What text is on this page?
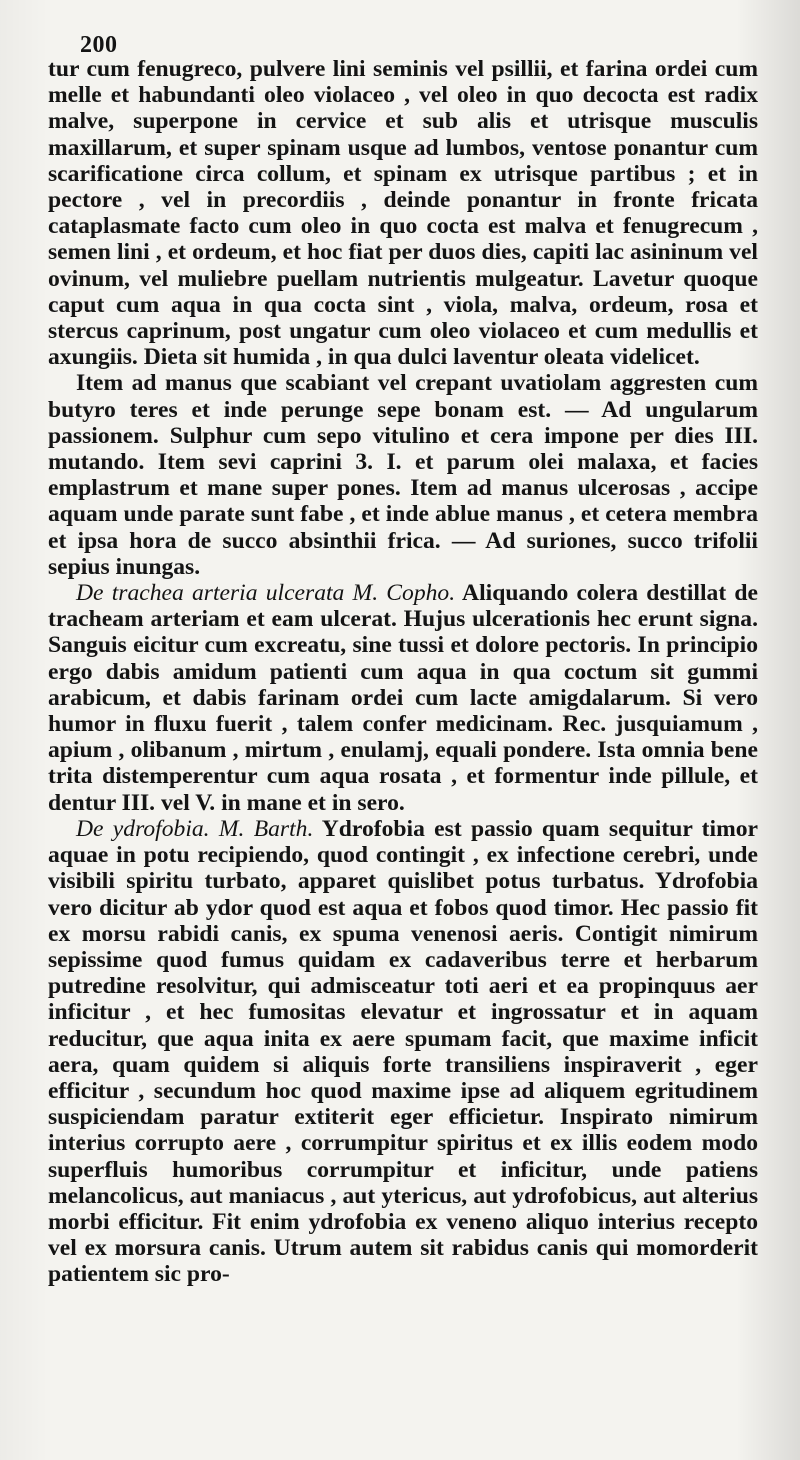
200

tur cum fenugreco, pulvere lini seminis vel psillii, et farina ordei cum melle et habundanti oleo violaceo , vel oleo in quo decocta est radix malve, superpone in cervice et sub alis et utrisque musculis maxillarum, et super spinam usque ad lumbos, ventose ponantur cum scarificatione circa collum, et spinam ex utrisque partibus ; et in pectore , vel in precordiis , deinde ponantur in fronte fricata cataplasmate facto cum oleo in quo cocta est malva et fenugrecum , semen lini , et ordeum, et hoc fiat per duos dies, capiti lac asininum vel ovinum, vel muliebre puellam nutrientis mulgeatur. Lavetur quoque caput cum aqua in qua cocta sint , viola, malva, ordeum, rosa et stercus caprinum, post ungatur cum oleo violaceo et cum medullis et axungiis. Dieta sit humida , in qua dulci laventur oleata videlicet.

Item ad manus que scabiant vel crepant uvatiolam aggresten cum butyro teres et inde perunge sepe bonam est. — Ad ungularum passionem. Sulphur cum sepo vitulino et cera impone per dies III. mutando. Item sevi caprini 3. I. et parum olei malaxa, et facies emplastrum et mane super pones. Item ad manus ulcerosas , accipe aquam unde parate sunt fabe , et inde ablue manus , et cetera membra et ipsa hora de succo absinthii frica. — Ad suriones, succo trifolii sepius inungas.

De trachea arteria ulcerata M. Copho. Aliquando colera destillat de tracheam arteriam et eam ulcerat. Hujus ulcerationis hec erunt signa. Sanguis eicitur cum excreatu, sine tussi et dolore pectoris. In principio ergo dabis amidum patienti cum aqua in qua coctum sit gummi arabicum, et dabis farinam ordei cum lacte amigdalarum. Si vero humor in fluxu fuerit , talem confer medicinam. Rec. jusquiamum , apium , olibanum , mirtum , enulamj, equali pondere. Ista omnia bene trita distemperentur cum aqua rosata , et formentur inde pillule, et dentur III. vel V. in mane et in sero.

De ydrofobia. M. Barth. Ydrofobia est passio quam sequitur timor aquae in potu recipiendo, quod contingit , ex infectione cerebri, unde visibili spiritu turbato, apparet quislibet potus turbatus. Ydrofobia vero dicitur ab ydor quod est aqua et fobos quod timor. Hec passio fit ex morsu rabidi canis, ex spuma venenosi aeris. Contigit nimirum sepissime quod fumus quidam ex cadaveribus terre et herbarum putredine resolvitur, qui admisceatur toti aeri et ea propinquus aer inficitur , et hec fumositas elevatur et ingrossatur et in aquam reducitur, que aqua inita ex aere spumam facit, que maxime inficit aera, quam quidem si aliquis forte transiliens inspiraverit , eger efficitur , secundum hoc quod maxime ipse ad aliquem egritudinem suspiciendam paratur extiterit eger efficietur. Inspirato nimirum interius corrupto aere , corrumpitur spiritus et ex illis eodem modo superfluis humoribus corrumpitur et inficitur, unde patiens melancolicus, aut maniacus , aut ytericus, aut ydrofobicus, aut alterius morbi efficitur. Fit enim ydrofobia ex veneno aliquo interius recepto vel ex morsura canis. Utrum autem sit rabidus canis qui momorderit patientem sic pro-
